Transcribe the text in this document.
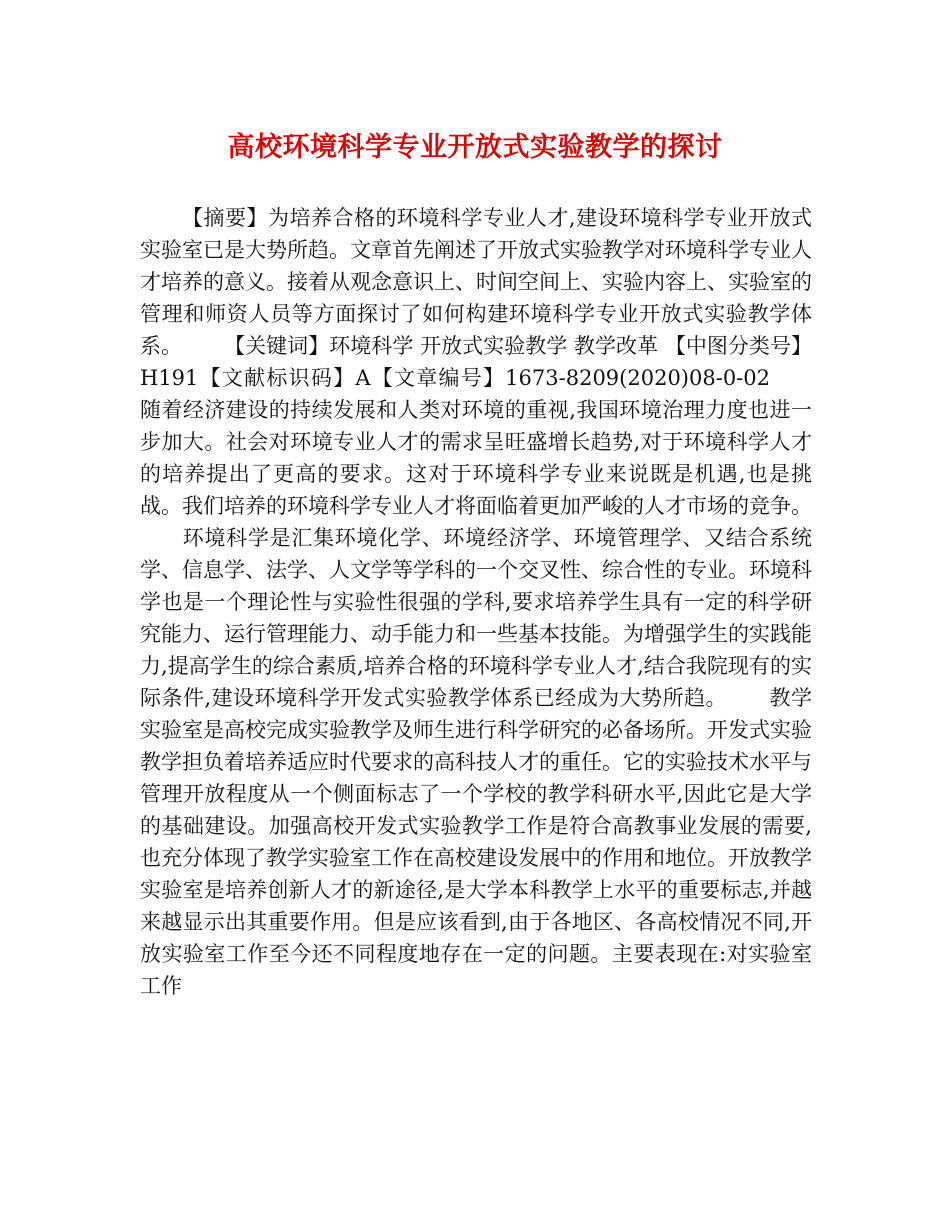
高校环境科学专业开放式实验教学的探讨

【摘要】为培养合格的环境科学专业人才,建设环境科学专业开放式实验室已是大势所趋。文章首先阐述了开放式实验教学对环境科学专业人才培养的意义。接着从观念意识上、时间空间上、实验内容上、实验室的管理和师资人员等方面探讨了如何构建环境科学专业开放式实验教学体系。 【关键词】环境科学 开放式实验教学 教学改革 【中图分类号】H191【文献标识码】A【文章编号】1673-8209(2020)08-0-02随着经济建设的持续发展和人类对环境的重视,我国环境治理力度也进一步加大。社会对环境专业人才的需求呈旺盛增长趋势,对于环境科学人才的培养提出了更高的要求。这对于环境科学专业来说既是机遇,也是挑战。我们培养的环境科学专业人才将面临着更加严峻的人才市场的竞争。环境科学是汇集环境化学、环境经济学、环境管理学、又结合系统学、信息学、法学、人文学等学科的一个交叉性、综合性的专业。环境科学也是一个理论性与实验性很强的学科,要求培养学生具有一定的科学研究能力、运行管理能力、动手能力和一些基本技能。为增强学生的实践能力,提高学生的综合素质,培养合格的环境科学专业人才,结合我院现有的实际条件,建设环境科学开发式实验教学体系已经成为大势所趋。 教学实验室是高校完成实验教学及师生进行科学研究的必备场所。开发式实验教学担负着培养适应时代要求的高科技人才的重任。它的实验技术水平与管理开放程度从一个侧面标志了一个学校的教学科研水平,因此它是大学的基础建设。加强高校开发式实验教学工作是符合高教事业发展的需要,也充分体现了教学实验室工作在高校建设发展中的作用和地位。开放教学实验室是培养创新人才的新途径,是大学本科教学上水平的重要标志,并越来越显示出其重要作用。但是应该看到,由于各地区、各高校情况不同,开放实验室工作至今还不同程度地存在一定的问题。主要表现在:对实验室工作
